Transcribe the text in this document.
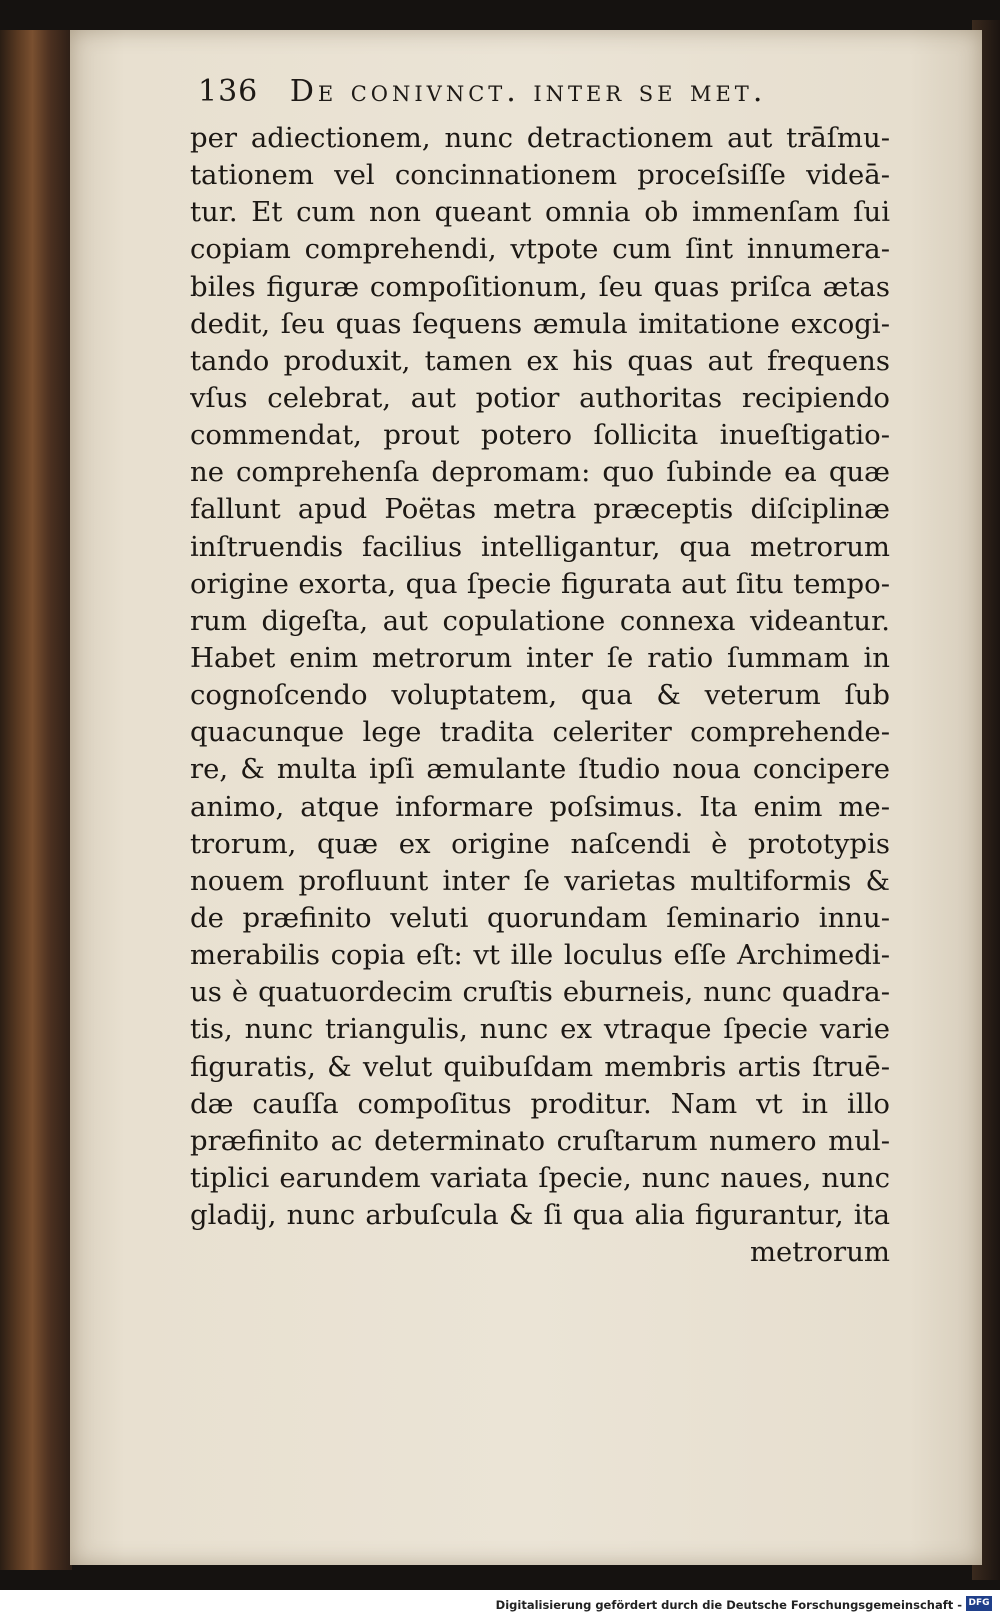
136 De conivnct. inter se met.
per adiectionem, nunc detractionem aut trāſmu-
tationem vel concinnationem proceſsiſſe videā-
tur. Et cum non queant omnia ob immenſam ſui
copiam comprehendi, vtpote cum ſint innumera-
biles figuræ compoſitionum, ſeu quas priſca ætas
dedit, ſeu quas ſequens æmula imitatione excogi-
tando produxit, tamen ex his quas aut frequens
vſus celebrat, aut potior authoritas recipiendo
commendat, prout potero ſollicita inueſtigatio-
ne comprehenſa depromam: quo ſubinde ea quæ
fallunt apud Poëtas metra præceptis diſciplinæ
inſtruendis facilius intelligantur, qua metrorum
origine exorta, qua ſpecie figurata aut ſitu tempo-
rum digeſta, aut copulatione connexa videantur.
Habet enim metrorum inter ſe ratio ſummam in
cognoſcendo voluptatem, qua & veterum ſub
quacunque lege tradita celeriter comprehende-
re, & multa ipſi æmulante ſtudio noua concipere
animo, atque informare poſsimus. Ita enim me-
trorum, quæ ex origine naſcendi è prototypis
nouem profluunt inter ſe varietas multiformis &
de præfinito veluti quorundam ſeminario innu-
merabilis copia eſt: vt ille loculus eſſe Archimedi-
us è quatuordecim cruſtis eburneis, nunc quadra-
tis, nunc triangulis, nunc ex vtraque ſpecie varie
figuratis, & velut quibuſdam membris artis ſtruē-
dæ cauſſa compoſitus proditur. Nam vt in illo
præfinito ac determinato cruſtarum numero mul-
tiplici earundem variata ſpecie, nunc naues, nunc
gladij, nunc arbuſcula & ſi qua alia figurantur, ita
metrorum
Digitalisierung gefördert durch die Deutsche Forschungsgemeinschaft - DFG
